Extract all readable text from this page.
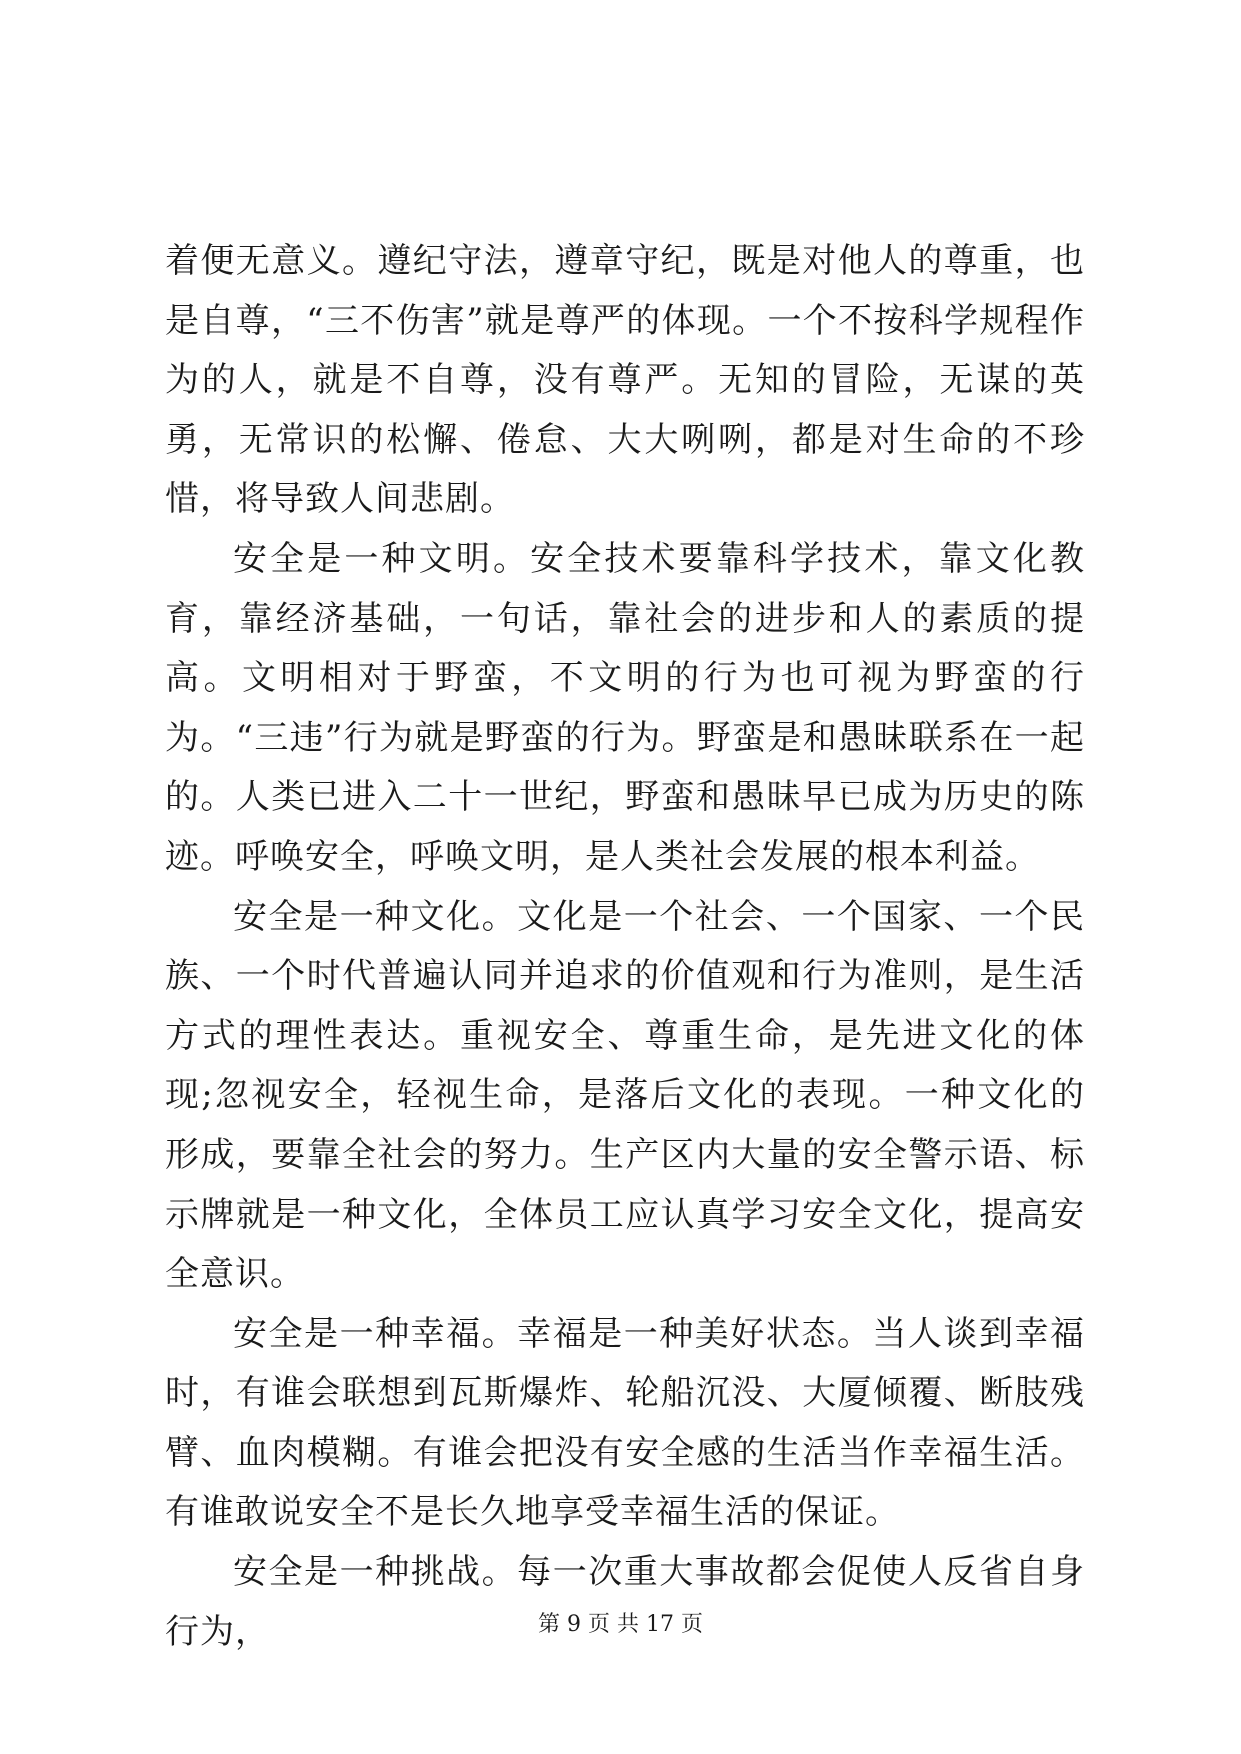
着便无意义。遵纪守法，遵章守纪，既是对他人的尊重，也是自尊，“三不伤害”就是尊严的体现。一个不按科学规程作为的人，就是不自尊，没有尊严。无知的冒险，无谋的英勇，无常识的松懈、倦怠、大大咧咧，都是对生命的不珍惜，将导致人间悲剧。

安全是一种文明。安全技术要靠科学技术，靠文化教育，靠经济基础，一句话，靠社会的进步和人的素质的提高。文明相对于野蛮，不文明的行为也可视为野蛮的行为。“三违”行为就是野蛮的行为。野蛮是和愚昧联系在一起的。人类已进入二十一世纪，野蛮和愚昧早已成为历史的陈迹。呼唤安全，呼唤文明，是人类社会发展的根本利益。

安全是一种文化。文化是一个社会、一个国家、一个民族、一个时代普遍认同并追求的价值观和行为准则，是生活方式的理性表达。重视安全、尊重生命，是先进文化的体现;忽视安全，轻视生命，是落后文化的表现。一种文化的形成，要靠全社会的努力。生产区内大量的安全警示语、标示牌就是一种文化，全体员工应认真学习安全文化，提高安全意识。

安全是一种幸福。幸福是一种美好状态。当人谈到幸福时，有谁会联想到瓦斯爆炸、轮船沉没、大厦倾覆、断肢残臂、血肉模糊。有谁会把没有安全感的生活当作幸福生活。有谁敢说安全不是长久地享受幸福生活的保证。

安全是一种挑战。每一次重大事故都会促使人反省自身行为，	第 9 页 共 17 页
